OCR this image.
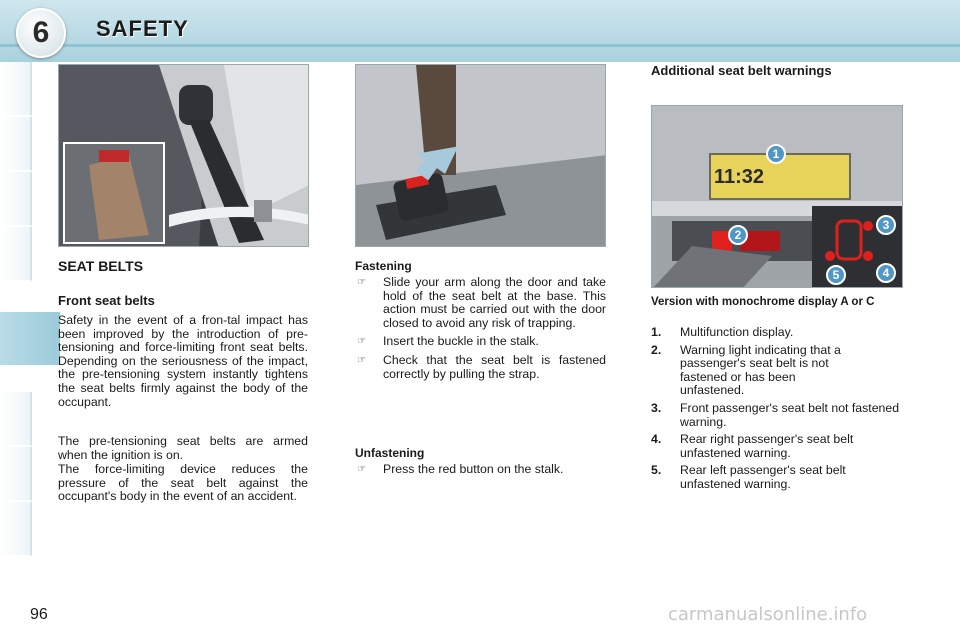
6 SAFETY
11:32
1
2
3
4
5
SEAT BELTS
Front seat belts
Safety in the event of a fron-tal impact has been improved by the introduction of pre-tensioning and force-limiting front seat belts. Depending on the seriousness of the impact, the pre-tensioning system instantly tightens the seat belts firmly against the body of the occupant.
The pre-tensioning seat belts are armed when the ignition is on.
The force-limiting device reduces the pressure of the seat belt against the occupant's body in the event of an accident.
Fastening
☞	Slide your arm along the door and take hold of the seat belt at the base. This action must be carried out with the door closed to avoid any risk of trapping.
☞	Insert the buckle in the stalk.
☞	Check that the seat belt is fastened correctly by pulling the strap.
Unfastening
☞	Press the red button on the stalk.
Additional seat belt warnings
Version with monochrome display A or C
1.	Multifunction display.
2.	Warning light indicating that a passenger's seat belt is not fastened or has been unfastened.
3.	Front passenger's seat belt not fastened warning.
4.	Rear right passenger's seat belt unfastened warning.
5.	Rear left passenger's seat belt unfastened warning.
96	carmanualsonline.info
